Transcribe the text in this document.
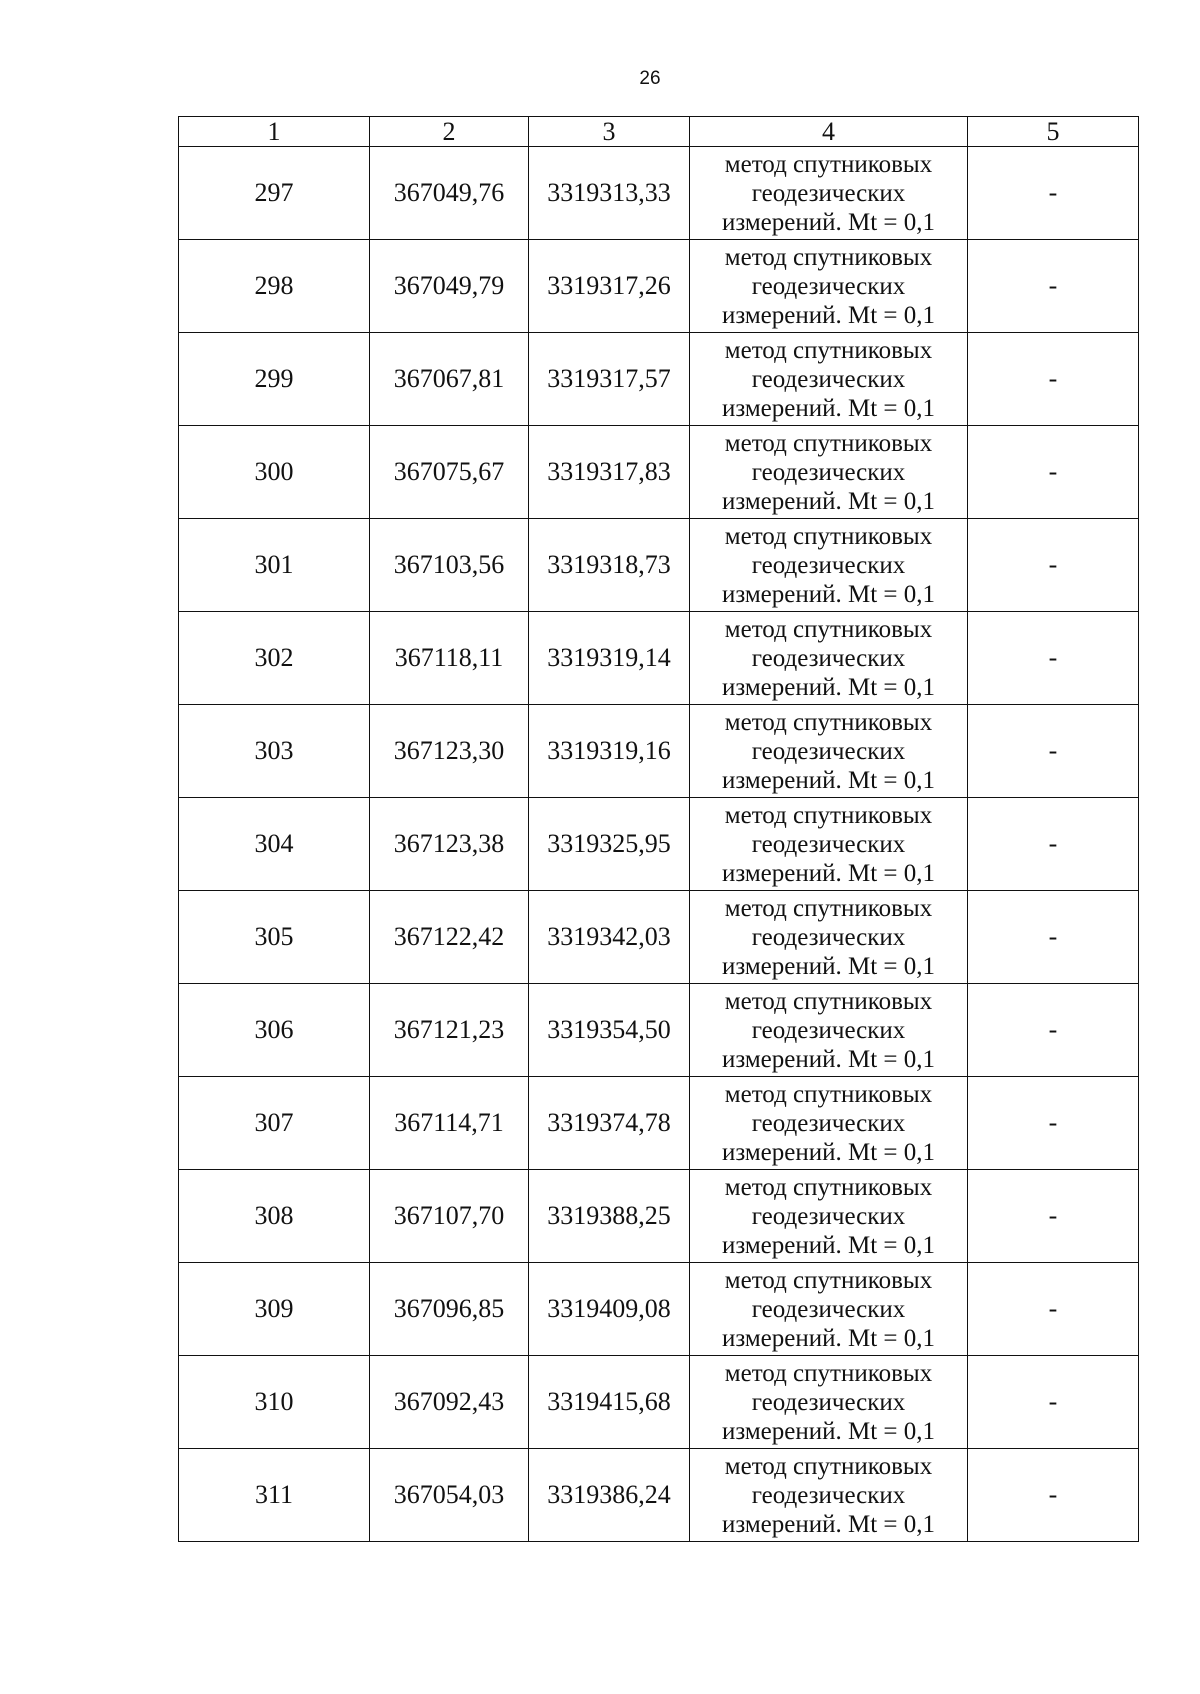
26
1	2	3	4	5
297	367049,76	3319313,33	метод спутниковых
геодезических
измерений. Mt = 0,1	-
298	367049,79	3319317,26	метод спутниковых
геодезических
измерений. Mt = 0,1	-
299	367067,81	3319317,57	метод спутниковых
геодезических
измерений. Mt = 0,1	-
300	367075,67	3319317,83	метод спутниковых
геодезических
измерений. Mt = 0,1	-
301	367103,56	3319318,73	метод спутниковых
геодезических
измерений. Mt = 0,1	-
302	367118,11	3319319,14	метод спутниковых
геодезических
измерений. Mt = 0,1	-
303	367123,30	3319319,16	метод спутниковых
геодезических
измерений. Mt = 0,1	-
304	367123,38	3319325,95	метод спутниковых
геодезических
измерений. Mt = 0,1	-
305	367122,42	3319342,03	метод спутниковых
геодезических
измерений. Mt = 0,1	-
306	367121,23	3319354,50	метод спутниковых
геодезических
измерений. Mt = 0,1	-
307	367114,71	3319374,78	метод спутниковых
геодезических
измерений. Mt = 0,1	-
308	367107,70	3319388,25	метод спутниковых
геодезических
измерений. Mt = 0,1	-
309	367096,85	3319409,08	метод спутниковых
геодезических
измерений. Mt = 0,1	-
310	367092,43	3319415,68	метод спутниковых
геодезических
измерений. Mt = 0,1	-
311	367054,03	3319386,24	метод спутниковых
геодезических
измерений. Mt = 0,1	-
